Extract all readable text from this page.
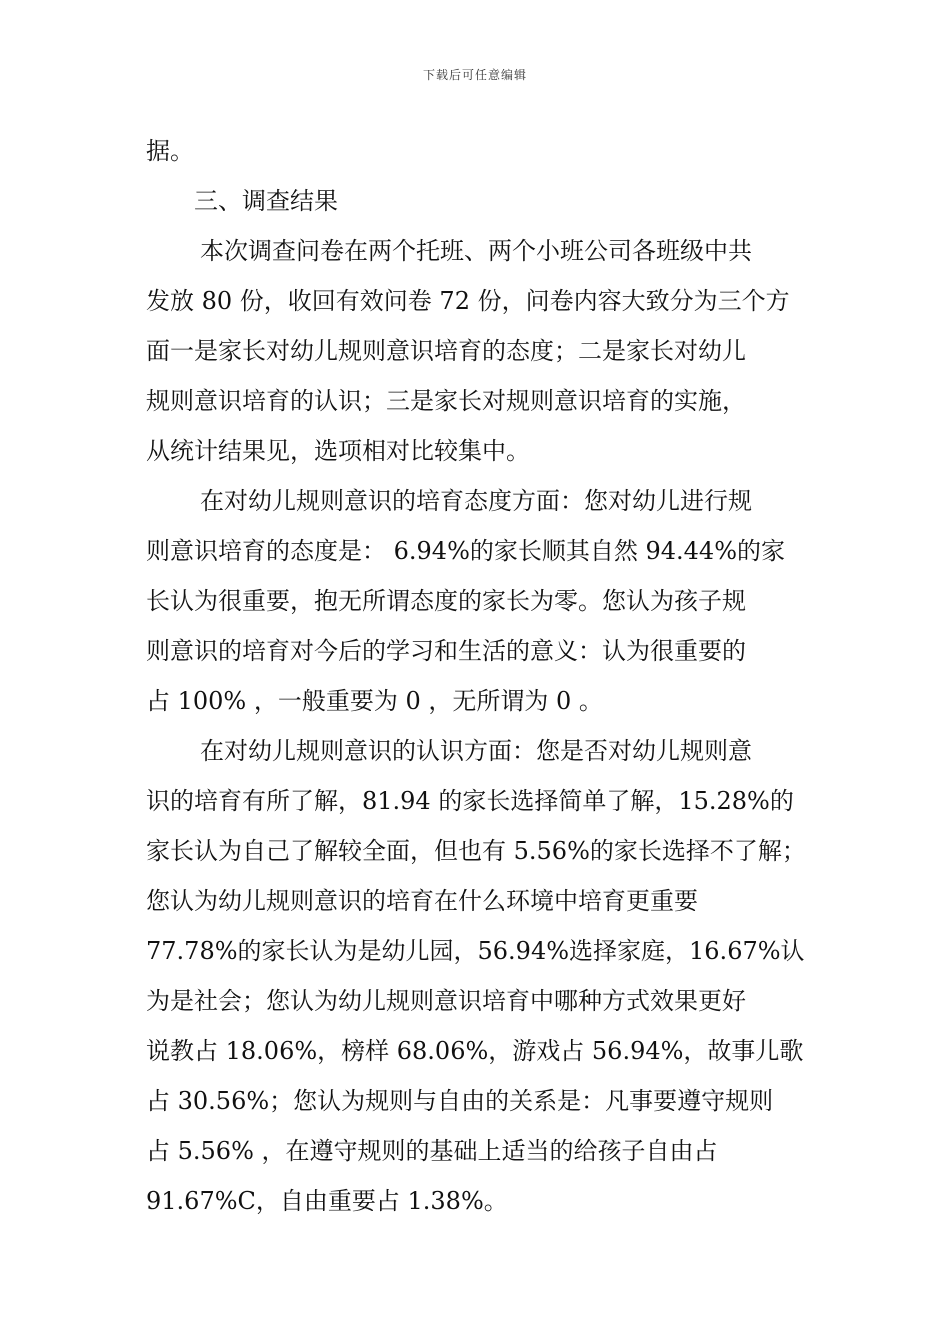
下载后可任意编辑
据。
三、调查结果
本次调查问卷在两个托班、两个小班公司各班级中共
发放 80 份，收回有效问卷 72 份，问卷内容大致分为三个方
面一是家长对幼儿规则意识培育的态度；二是家长对幼儿
规则意识培育的认识；三是家长对规则意识培育的实施，
从统计结果见，选项相对比较集中。
在对幼儿规则意识的培育态度方面：您对幼儿进行规
则意识培育的态度是： 6.94%的家长顺其自然 94.44%的家
长认为很重要，抱无所谓态度的家长为零。您认为孩子规
则意识的培育对今后的学习和生活的意义：认为很重要的
占 100% ，一般重要为 0 ，无所谓为 0 。
在对幼儿规则意识的认识方面：您是否对幼儿规则意
识的培育有所了解，81.94 的家长选择简单了解，15.28%的
家长认为自己了解较全面，但也有 5.56%的家长选择不了解；
您认为幼儿规则意识的培育在什么环境中培育更重要
77.78%的家长认为是幼儿园，56.94%选择家庭，16.67%认
为是社会；您认为幼儿规则意识培育中哪种方式效果更好
说教占 18.06%，榜样 68.06%，游戏占 56.94%，故事儿歌
占 30.56%；您认为规则与自由的关系是：凡事要遵守规则
占 5.56% ，在遵守规则的基础上适当的给孩子自由占
91.67%C，自由重要占 1.38%。
